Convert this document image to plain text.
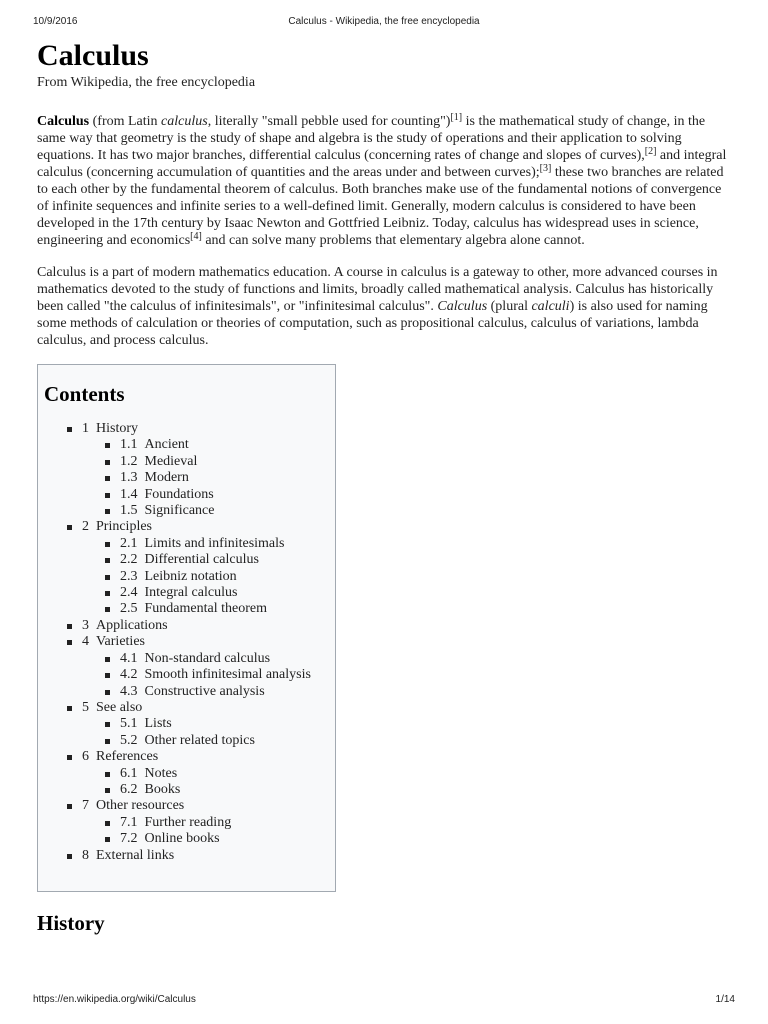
10/9/2016	Calculus - Wikipedia, the free encyclopedia
Calculus
From Wikipedia, the free encyclopedia

Calculus (from Latin calculus, literally "small pebble used for counting")[1] is the mathematical study of change, in the same way that geometry is the study of shape and algebra is the study of operations and their application to solving equations. It has two major branches, differential calculus (concerning rates of change and slopes of curves),[2] and integral calculus (concerning accumulation of quantities and the areas under and between curves);[3] these two branches are related to each other by the fundamental theorem of calculus. Both branches make use of the fundamental notions of convergence of infinite sequences and infinite series to a well-defined limit. Generally, modern calculus is considered to have been developed in the 17th century by Isaac Newton and Gottfried Leibniz. Today, calculus has widespread uses in science, engineering and economics[4] and can solve many problems that elementary algebra alone cannot.

Calculus is a part of modern mathematics education. A course in calculus is a gateway to other, more advanced courses in mathematics devoted to the study of functions and limits, broadly called mathematical analysis. Calculus has historically been called "the calculus of infinitesimals", or "infinitesimal calculus". Calculus (plural calculi) is also used for naming some methods of calculation or theories of computation, such as propositional calculus, calculus of variations, lambda calculus, and process calculus.

Contents
1 History
1.1 Ancient
1.2 Medieval
1.3 Modern
1.4 Foundations
1.5 Significance
2 Principles
2.1 Limits and infinitesimals
2.2 Differential calculus
2.3 Leibniz notation
2.4 Integral calculus
2.5 Fundamental theorem
3 Applications
4 Varieties
4.1 Non-standard calculus
4.2 Smooth infinitesimal analysis
4.3 Constructive analysis
5 See also
5.1 Lists
5.2 Other related topics
6 References
6.1 Notes
6.2 Books
7 Other resources
7.1 Further reading
7.2 Online books
8 External links
History
https://en.wikipedia.org/wiki/Calculus	1/14
